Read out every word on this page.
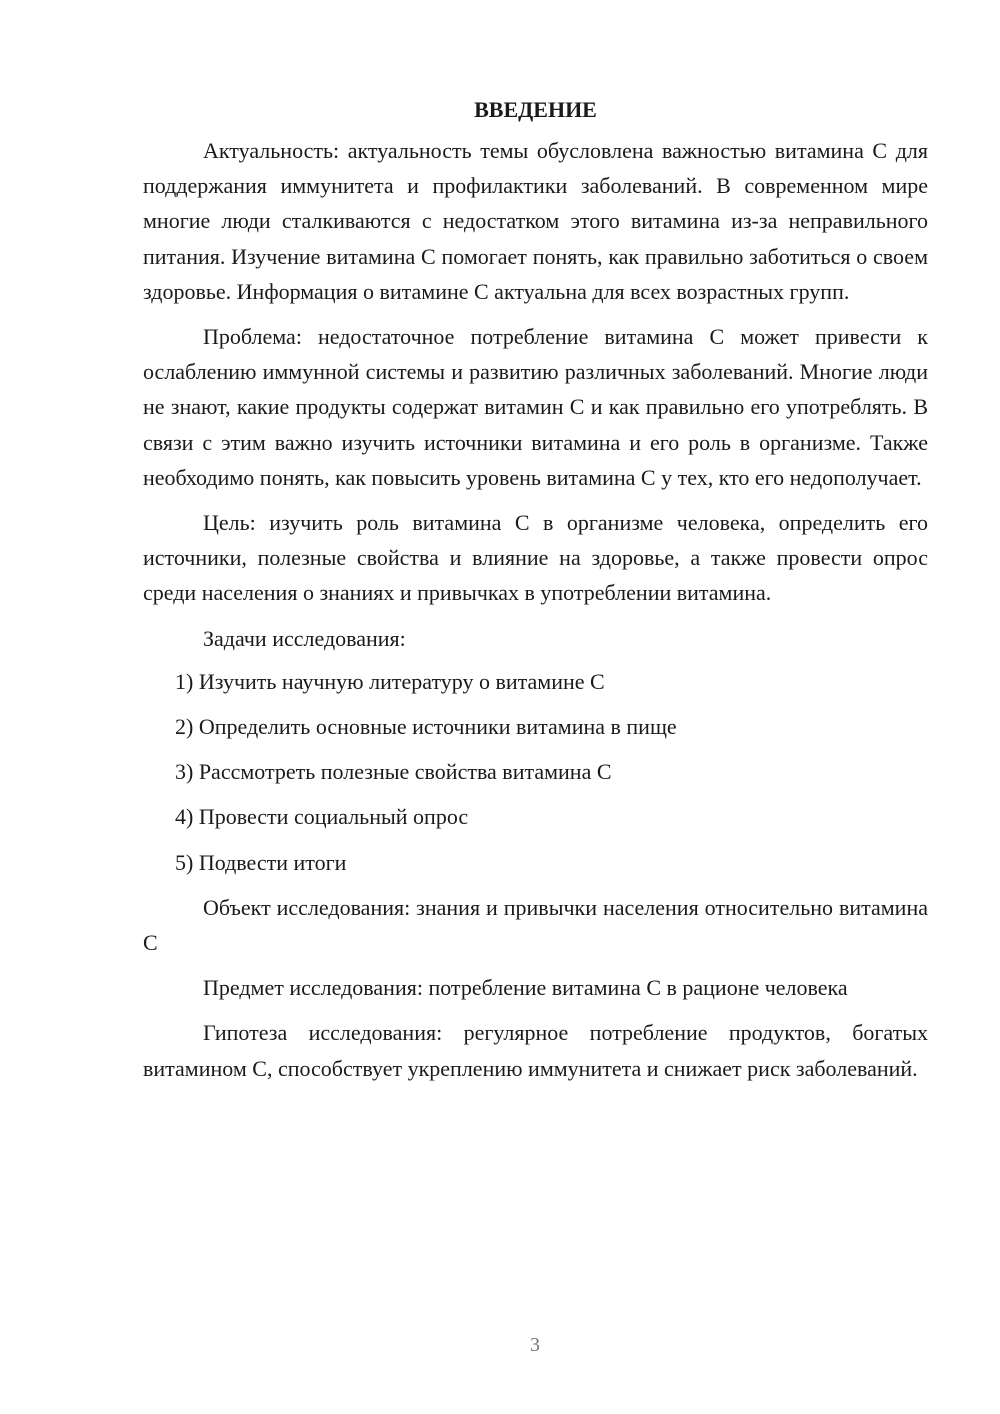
ВВЕДЕНИЕ

Актуальность: актуальность темы обусловлена важностью витамина С для поддержания иммунитета и профилактики заболеваний. В современном мире многие люди сталкиваются с недостатком этого витамина из-за неправильного питания. Изучение витамина С помогает понять, как правильно заботиться о своем здоровье. Информация о витамине С актуальна для всех возрастных групп.

Проблема: недостаточное потребление витамина С может привести к ослаблению иммунной системы и развитию различных заболеваний. Многие люди не знают, какие продукты содержат витамин С и как правильно его употреблять. В связи с этим важно изучить источники витамина и его роль в организме. Также необходимо понять, как повысить уровень витамина С у тех, кто его недополучает.

Цель: изучить роль витамина С в организме человека, определить его источники, полезные свойства и влияние на здоровье, а также провести опрос среди населения о знаниях и привычках в употреблении витамина.

Задачи исследования:

1) Изучить научную литературу о витамине С
2) Определить основные источники витамина в пище
3) Рассмотреть полезные свойства витамина С
4) Провести социальный опрос
5) Подвести итоги

Объект исследования: знания и привычки населения относительно витамина С

Предмет исследования: потребление витамина С в рационе человека

Гипотеза исследования: регулярное потребление продуктов, богатых витамином С, способствует укреплению иммунитета и снижает риск заболеваний.

3
